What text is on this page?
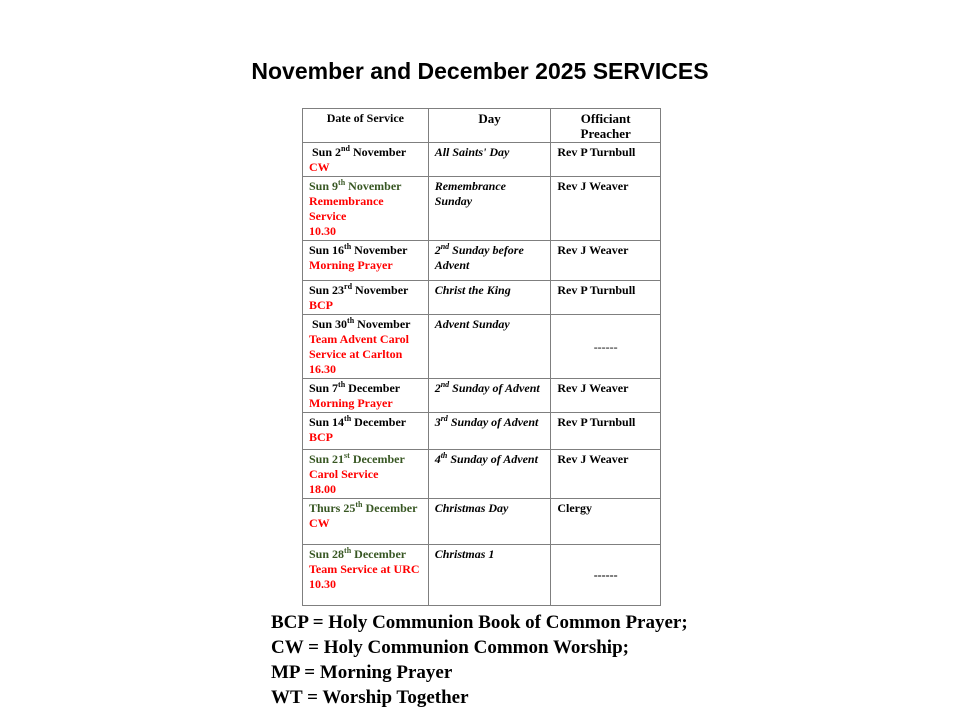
November and December 2025 SERVICES
Date of Service	Day	Officiant
Preacher

Sun 2nd November
CW	All Saints' Day	Rev P Turnbull

Sun 9th November
Remembrance Service
10.30	Remembrance Sunday	Rev J Weaver

Sun 16th November
Morning Prayer	2nd Sunday before Advent	Rev J Weaver

Sun 23rd November
BCP	Christ the King	Rev P Turnbull

Sun 30th November
Team Advent Carol Service at Carlton
16.30	Advent Sunday	------

Sun 7th December
Morning Prayer	2nd Sunday of Advent	Rev J Weaver

Sun 14th December
BCP	3rd Sunday of Advent	Rev P Turnbull

Sun 21st December
Carol Service
18.00	4th Sunday of Advent	Rev J Weaver

Thurs 25th December
CW	Christmas Day	Clergy

Sun 28th December
Team Service at URC
10.30	Christmas 1	------
BCP = Holy Communion Book of Common Prayer;
CW = Holy Communion Common Worship;
MP = Morning Prayer
WT = Worship Together
